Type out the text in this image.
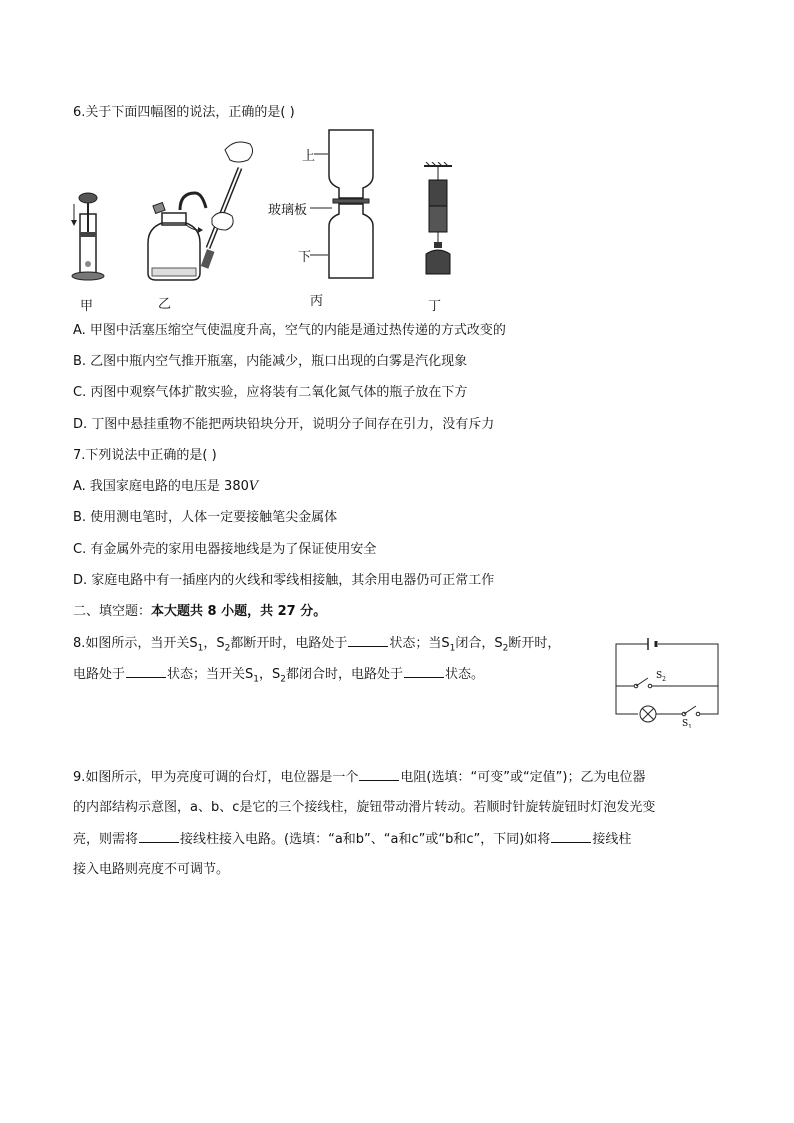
6.关于下面四幅图的说法，正确的是( )
甲	乙
上
玻璃板
下
丙	丁
A. 甲图中活塞压缩空气使温度升高，空气的内能是通过热传递的方式改变的
B. 乙图中瓶内空气推开瓶塞，内能减少，瓶口出现的白雾是汽化现象
C. 丙图中观察气体扩散实验，应将装有二氧化氮气体的瓶子放在下方
D. 丁图中悬挂重物不能把两块铅块分开，说明分子间存在引力，没有斥力
7.下列说法中正确的是( )
A. 我国家庭电路的电压是 380V
B. 使用测电笔时，人体一定要接触笔尖金属体
C. 有金属外壳的家用电器接地线是为了保证使用安全
D. 家庭电路中有一插座内的火线和零线相接触，其余用电器仍可正常工作
二、填空题：本大题共 8 小题，共 27 分。
8.如图所示，当开关$S_1$，$S_2$都断开时，电路处于	状态；当$S_1$闭合，$S_2$断开时，
电路处于	状态；当开关$S_1$，$S_2$都闭合时，电路处于	状态。	$S_2$
$S_1$
9.如图所示，甲为亮度可调的台灯，电位器是一个	电阻(选填：“可变”或“定值”)；乙为电位器
的内部结构示意图，a、b、c是它的三个接线柱，旋钮带动滑片转动。若顺时针旋转旋钮时灯泡发光变
亮，则需将	接线柱接入电路。(选填：“a和b”、“a和c”或“b和c”，下同)如将	接线柱
接入电路则亮度不可调节。
